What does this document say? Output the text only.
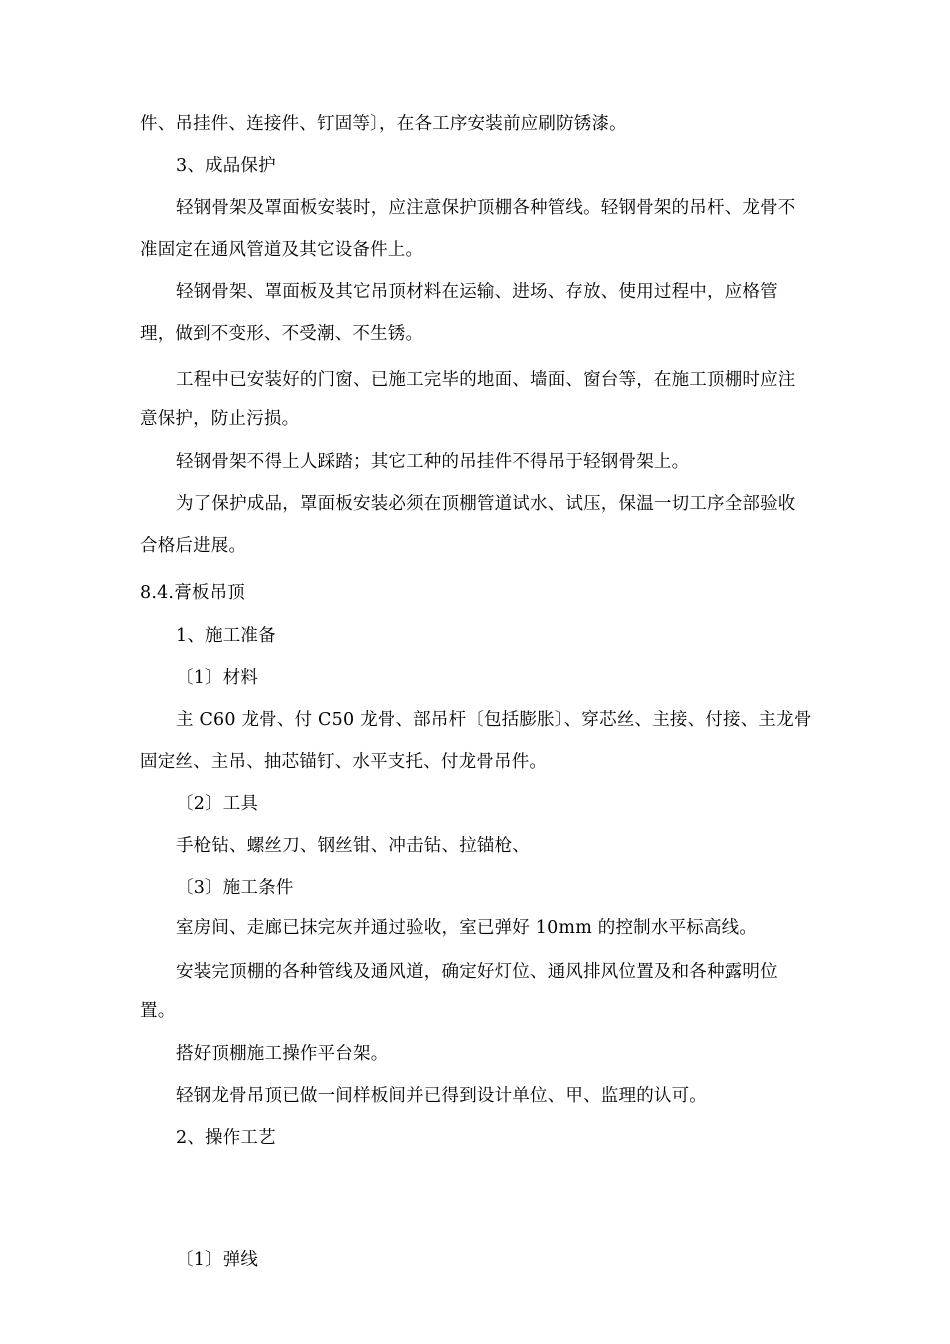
件、吊挂件、连接件、钉固等〕，在各工序安装前应刷防锈漆。
3、成品保护
轻钢骨架及罩面板安装时，应注意保护顶棚各种管线。轻钢骨架的吊杆、龙骨不
准固定在通风管道及其它设备件上。
轻钢骨架、罩面板及其它吊顶材料在运输、进场、存放、使用过程中，应格管
理，做到不变形、不受潮、不生锈。
工程中已安装好的门窗、已施工完毕的地面、墙面、窗台等，在施工顶棚时应注
意保护，防止污损。
轻钢骨架不得上人踩踏；其它工种的吊挂件不得吊于轻钢骨架上。
为了保护成品，罩面板安装必须在顶棚管道试水、试压，保温一切工序全部验收
合格后进展。
8.4.膏板吊顶
1、施工准备
〔1〕材料
主 C60 龙骨、付 C50 龙骨、部吊杆〔包括膨胀〕、穿芯丝、主接、付接、主龙骨
固定丝、主吊、抽芯锚钉、水平支托、付龙骨吊件。
〔2〕工具
手枪钻、螺丝刀、钢丝钳、冲击钻、拉锚枪、
〔3〕施工条件
室房间、走廊已抹完灰并通过验收，室已弹好 10mm 的控制水平标高线。
安装完顶棚的各种管线及通风道，确定好灯位、通风排风位置及和各种露明位
置。
搭好顶棚施工操作平台架。
轻钢龙骨吊顶已做一间样板间并已得到设计单位、甲、监理的认可。
2、操作工艺
〔1〕弹线
